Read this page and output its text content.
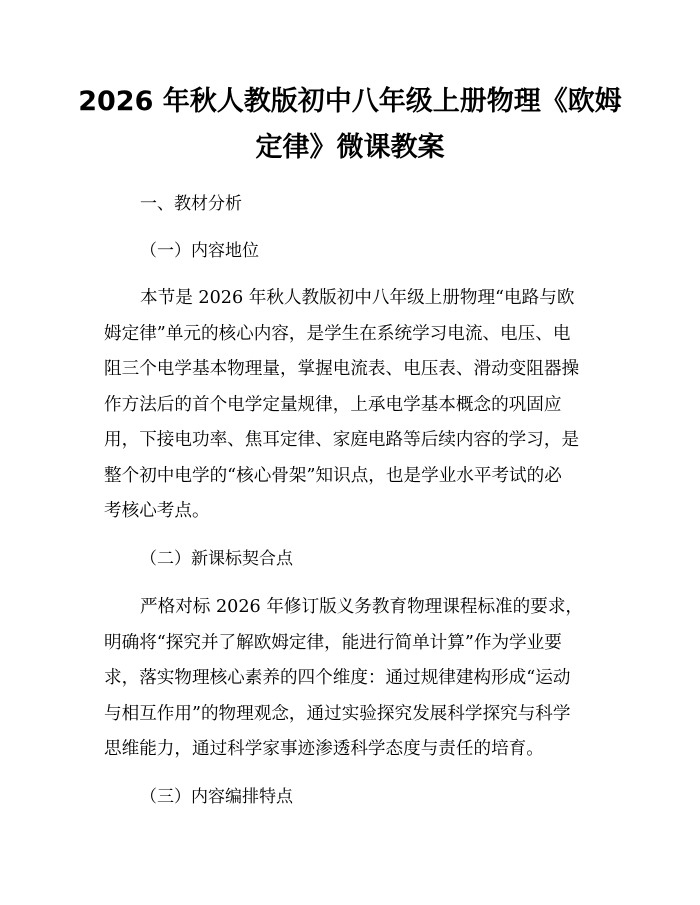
2026 年秋人教版初中八年级上册物理《欧姆
定律》微课教案
一、教材分析
（一）内容地位
本节是 2026 年秋人教版初中八年级上册物理“电路与欧
姆定律”单元的核心内容，是学生在系统学习电流、电压、电
阻三个电学基本物理量，掌握电流表、电压表、滑动变阻器操
作方法后的首个电学定量规律，上承电学基本概念的巩固应
用，下接电功率、焦耳定律、家庭电路等后续内容的学习，是
整个初中电学的“核心骨架”知识点，也是学业水平考试的必
考核心考点。
（二）新课标契合点
严格对标 2026 年修订版义务教育物理课程标准的要求，
明确将“探究并了解欧姆定律，能进行简单计算”作为学业要
求，落实物理核心素养的四个维度：通过规律建构形成“运动
与相互作用”的物理观念，通过实验探究发展科学探究与科学
思维能力，通过科学家事迹渗透科学态度与责任的培育。
（三）内容编排特点
